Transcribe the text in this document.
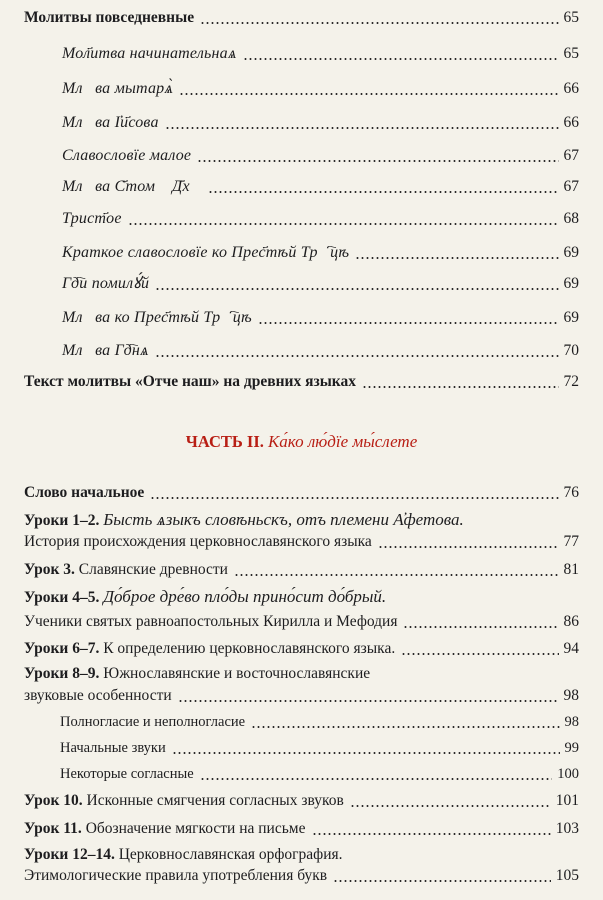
Молитвы повседневные	65
Мол҃итва начинательнаѧ	65
Млⷮва мытарѧ̀	66
Млⷮва І҆и҃сова	66
Славословїе малое	67
Млⷮва С҃томꙋ Д҃хꙋ	67
Трист҃ое	68
Краткое славословїе ко Прес҃тѣй Трⷪ҇цѣ	69
Гд҇и помилꙋ́й	69
Млⷮва ко Прес҃тѣй Трⷪ҇цѣ	69
Млⷮва Гд҇нѧ	70
Текст молитвы «Отче наш» на древних языках	72
ЧАСТЬ II. Ка́ко лю́дїе мы́слете
Слово начальное	76
Уроки 1–2. Бысть ѧзыкъ словѣньскъ, отъ племени А҆фетова.
История происхождения церковнославянского языка	77
Урок 3. Славянские древности	81
Уроки 4–5. До́брое дре́во пло́ды прино́сит до́брый.
Ученики святых равноапостольных Кирилла и Мефодия	86
Уроки 6–7. К определению церковнославянского языка.	94
Уроки 8–9. Южнославянские и восточнославянские
звуковые особенности	98
Полногласие и неполногласие	98
Начальные звуки	99
Некоторые согласные	100
Урок 10. Исконные смягчения согласных звуков	101
Урок 11. Обозначение мягкости на письме	103
Уроки 12–14. Церковнославянская орфография.
Этимологические правила употребления букв	105
